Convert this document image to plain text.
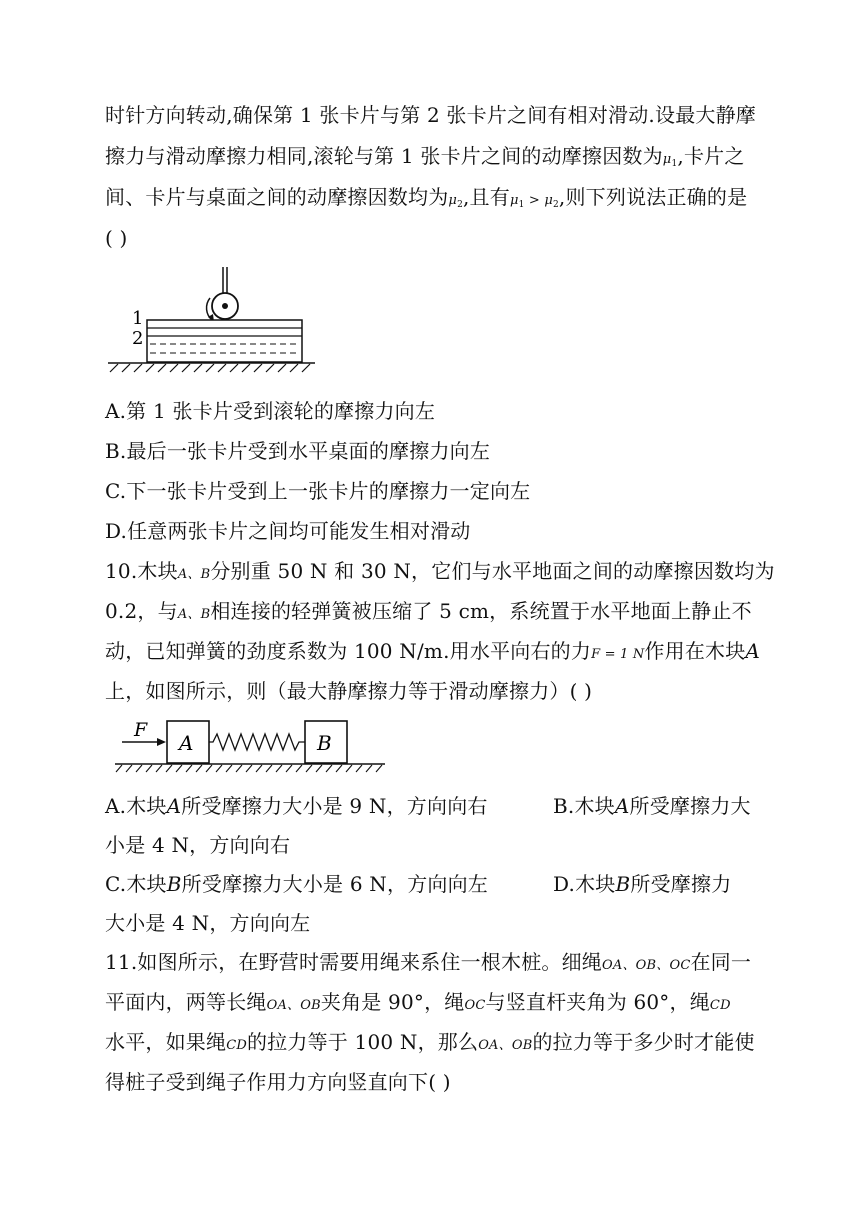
时针方向转动,确保第 1 张卡片与第 2 张卡片之间有相对滑动.设最大静摩
擦力与滑动摩擦力相同,滚轮与第 1 张卡片之间的动摩擦因数为$\mu_1$,卡片之
间、卡片与桌面之间的动摩擦因数均为$\mu_2$,且有$\mu_1 > \mu_2$,则下列说法正确的是
( )
1
2
A.第 1 张卡片受到滚轮的摩擦力向左
B.最后一张卡片受到水平桌面的摩擦力向左
C.下一张卡片受到上一张卡片的摩擦力一定向左
D.任意两张卡片之间均可能发生相对滑动
10.木块A、B分别重 50 N 和 30 N，它们与水平地面之间的动摩擦因数均为
0.2，与A、B相连接的轻弹簧被压缩了 5 cm，系统置于水平地面上静止不
动，已知弹簧的劲度系数为 100 N/m.用水平向右的力F = 1 N作用在木块A
上，如图所示，则（最大静摩擦力等于滑动摩擦力）( )
F
A	B
A.木块A所受摩擦力大小是 9 N，方向向右	B.木块A所受摩擦力大
小是 4 N，方向向右
C.木块B所受摩擦力大小是 6 N，方向向左	D.木块B所受摩擦力
大小是 4 N，方向向左
11.如图所示，在野营时需要用绳来系住一根木桩。细绳OA、OB、OC在同一
平面内，两等长绳OA、OB夹角是 90°，绳OC与竖直杆夹角为 60°，绳CD
水平，如果绳CD的拉力等于 100 N，那么OA、OB的拉力等于多少时才能使
得桩子受到绳子作用力方向竖直向下( )
